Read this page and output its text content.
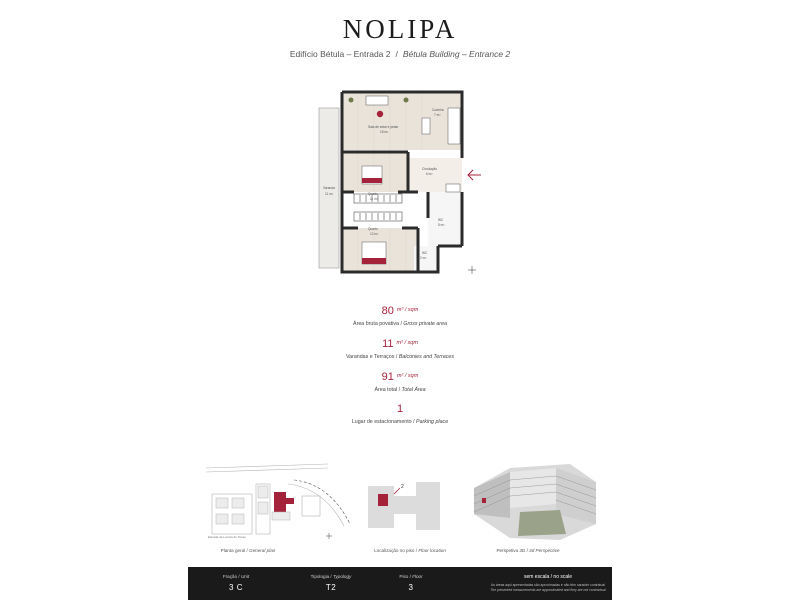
NOLIPA
Edifício Bétula – Entrada 2 / Bétula Building – Entrance 2
Sala de estar e jantar
18 m²
Cozinha
7 m²
Circulação
6 m²
Quarto
11 m²
Quarto
12 m²
WC
5 m²
WC
2 m²
Varanda
11 m²
80 $^{m^2 / sqm}$
Área bruta povativa / Gross private area
11 $^{m^2 / sqm}$
Varandas e Terraços / Balconies and Terraces
91 $^{m^2 / sqm}$
Área total / Total Área
1
Lugar de estacionamento / Parking place
Estrada da Lomba do Torrao
Planta geral / General plan
2
Localização no piso / Floor location	Perspetiva 3D / 3d Perspective
Fração / Unit
3 C
Tipologia / Typology
T2
Piso / Floor
3
sem escala / no scale
As áreas aqui apresentadas são aproximadas e não têm caracter contratual
The presented measurements are approximated and they are not contractual
